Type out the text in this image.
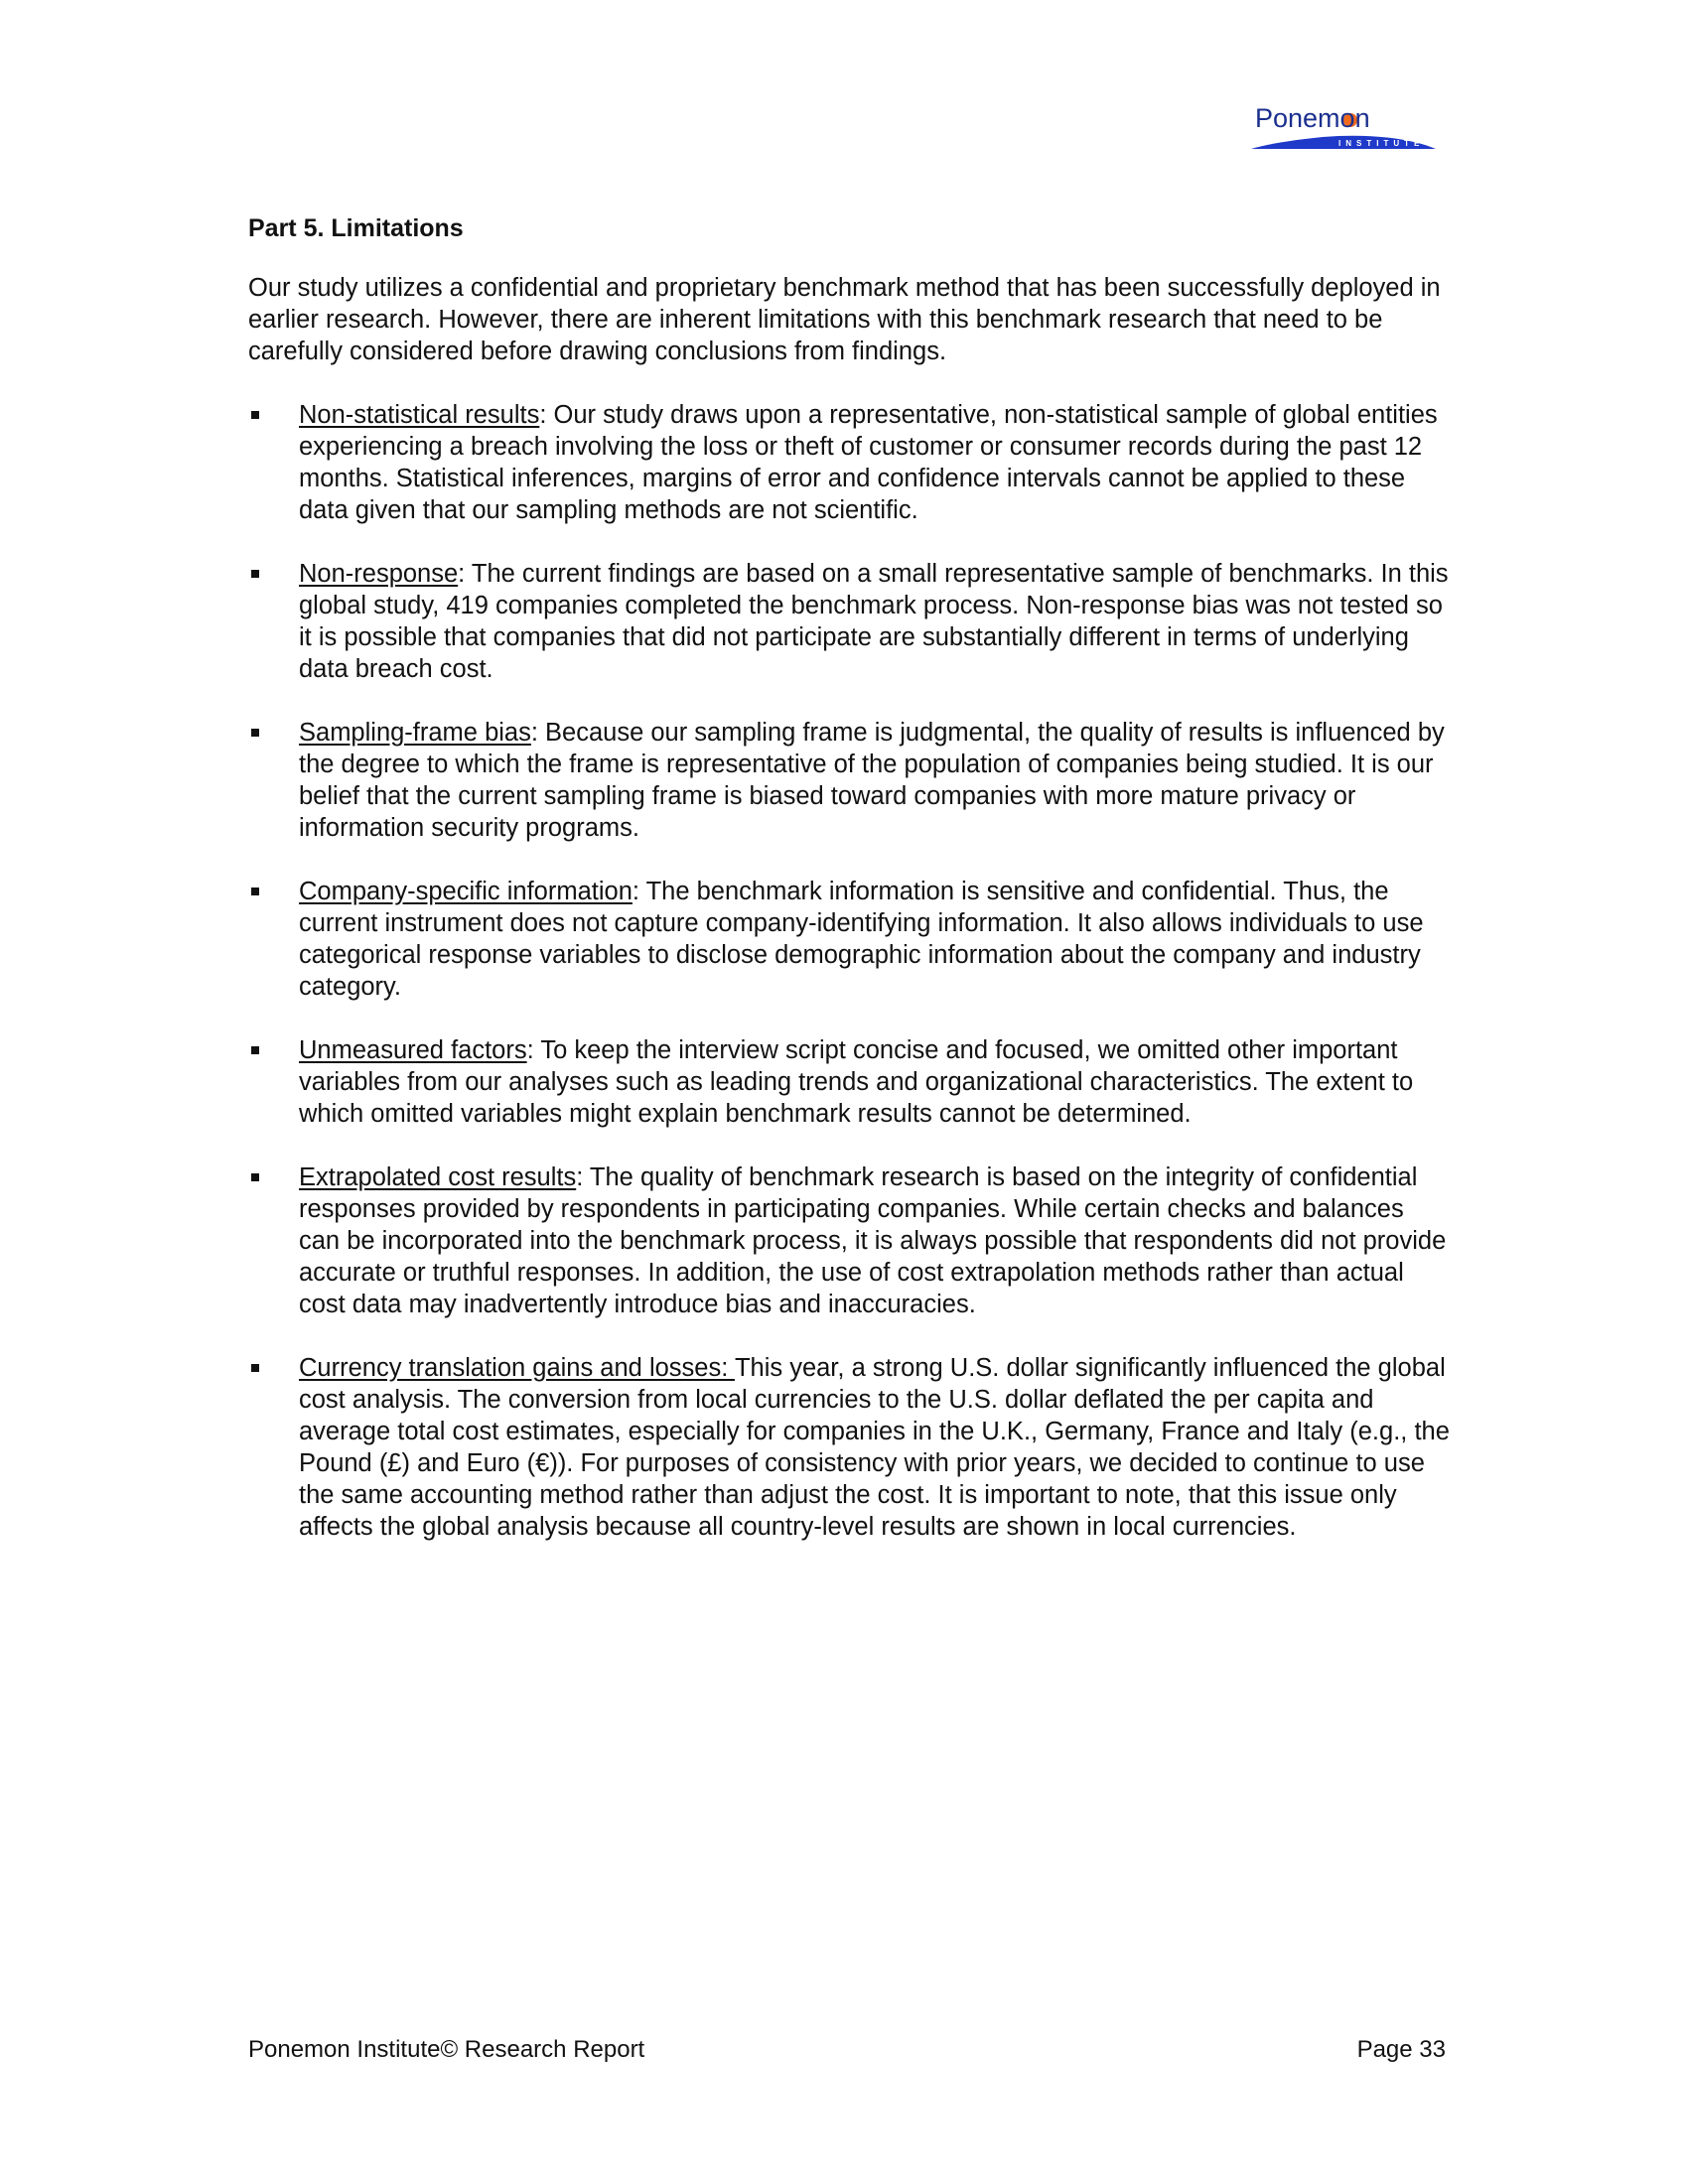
INSTITUTE
Ponemon
Part 5. Limitations
Our study utilizes a confidential and proprietary benchmark method that has been successfully deployed in earlier research. However, there are inherent limitations with this benchmark research that need to be carefully considered before drawing conclusions from findings.
Non-statistical results: Our study draws upon a representative, non-statistical sample of global entities experiencing a breach involving the loss or theft of customer or consumer records during the past 12 months. Statistical inferences, margins of error and confidence intervals cannot be applied to these data given that our sampling methods are not scientific.
Non-response: The current findings are based on a small representative sample of benchmarks. In this global study, 419 companies completed the benchmark process. Non-response bias was not tested so it is possible that companies that did not participate are substantially different in terms of underlying data breach cost.
Sampling-frame bias: Because our sampling frame is judgmental, the quality of results is influenced by the degree to which the frame is representative of the population of companies being studied. It is our belief that the current sampling frame is biased toward companies with more mature privacy or information security programs.
Company-specific information: The benchmark information is sensitive and confidential. Thus, the current instrument does not capture company-identifying information. It also allows individuals to use categorical response variables to disclose demographic information about the company and industry category.
Unmeasured factors: To keep the interview script concise and focused, we omitted other important variables from our analyses such as leading trends and organizational characteristics. The extent to which omitted variables might explain benchmark results cannot be determined.
Extrapolated cost results: The quality of benchmark research is based on the integrity of confidential responses provided by respondents in participating companies. While certain checks and balances can be incorporated into the benchmark process, it is always possible that respondents did not provide accurate or truthful responses. In addition, the use of cost extrapolation methods rather than actual cost data may inadvertently introduce bias and inaccuracies.
Currency translation gains and losses: This year, a strong U.S. dollar significantly influenced the global cost analysis. The conversion from local currencies to the U.S. dollar deflated the per capita and average total cost estimates, especially for companies in the U.K., Germany, France and Italy (e.g., the Pound (£) and Euro (€)). For purposes of consistency with prior years, we decided to continue to use the same accounting method rather than adjust the cost. It is important to note, that this issue only affects the global analysis because all country-level results are shown in local currencies.
Ponemon Institute© Research Report	Page 33
